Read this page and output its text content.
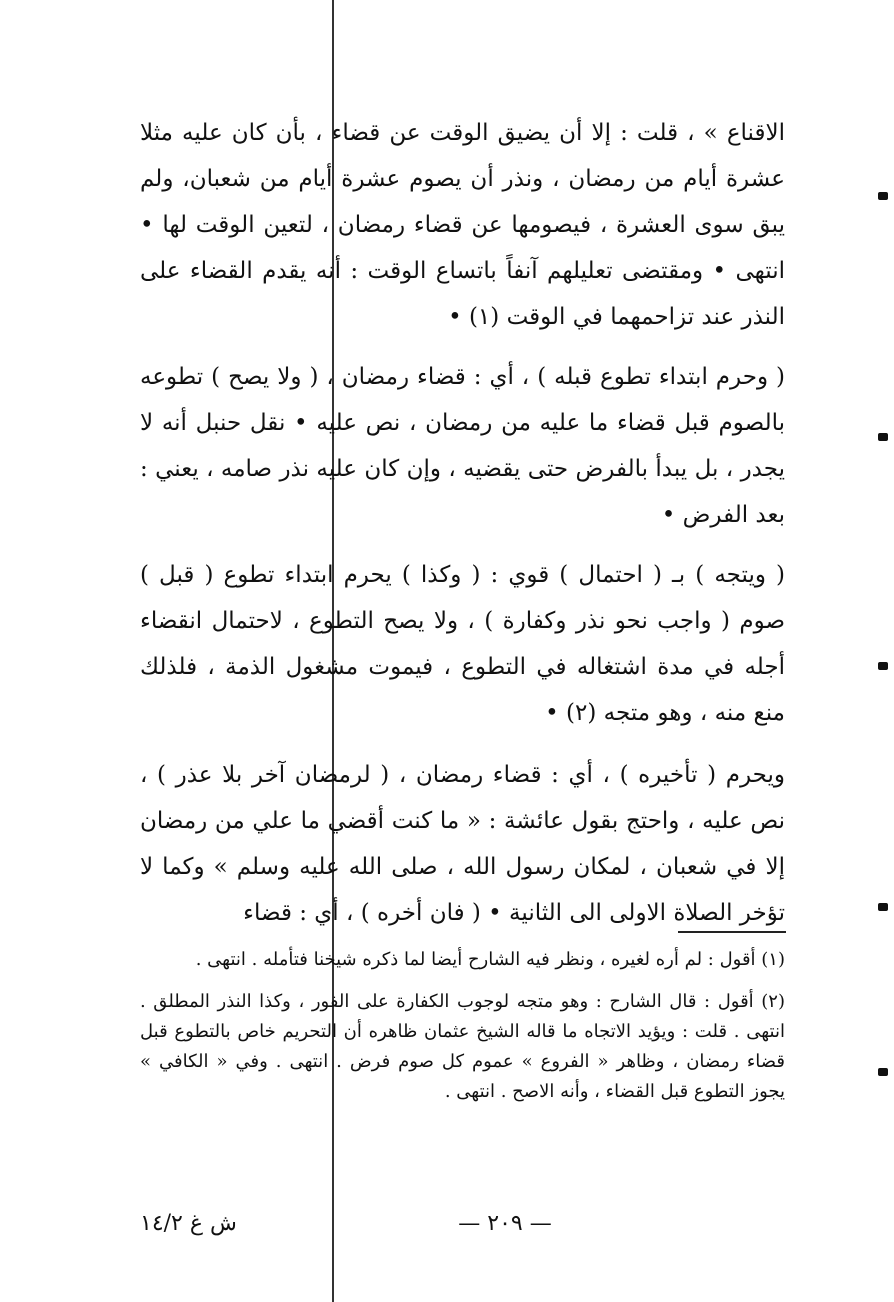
الاقناع » ، قلت : إلا أن يضيق الوقت عن قضاء ، بأن كان عليه مثلا عشرة أيام من رمضان ، ونذر أن يصوم عشرة أيام من شعبان، ولم يبق سوى العشرة ، فيصومها عن قضاء رمضان ، لتعين الوقت لها • انتهى • ومقتضى تعليلهم آنفاً باتساع الوقت : أنه يقدم القضاء على النذر عند تزاحمهما في الوقت (١) •

( وحرم ابتداء تطوع قبله ) ، أي : قضاء رمضان ، ( ولا يصح ) تطوعه بالصوم قبل قضاء ما عليه من رمضان ، نص عليه • نقل حنبل أنه لا يجدر ، بل يبدأ بالفرض حتى يقضيه ، وإن كان عليه نذر صامه ، يعني : بعد الفرض •

( ويتجه ) بـ ( احتمال ) قوي : ( وكذا ) يحرم ابتداء تطوع ( قبل ) صوم ( واجب نحو نذر وكفارة ) ، ولا يصح التطوع ، لاحتمال انقضاء أجله في مدة اشتغاله في التطوع ، فيموت مشغول الذمة ، فلذلك منع منه ، وهو متجه (٢) •

ويحرم ( تأخيره ) ، أي : قضاء رمضان ، ( لرمضان آخر بلا عذر ) ، نص عليه ، واحتج بقول عائشة : « ما كنت أقضي ما علي من رمضان إلا في شعبان ، لمكان رسول الله ، صلى الله عليه وسلم » وكما لا تؤخر الصلاة الاولى الى الثانية • ( فان أخره ) ، أي : قضاء

(١) أقول : لم أره لغيره ، ونظر فيه الشارح أيضا لما ذكره شيخنا فتأمله . انتهى .

(٢) أقول : قال الشارح : وهو متجه لوجوب الكفارة على الفور ، وكذا النذر المطلق . انتهى . قلت : ويؤيد الاتجاه ما قاله الشيخ عثمان ظاهره أن التحريم خاص بالتطوع قبل قضاء رمضان ، وظاهر « الفروع » عموم كل صوم فرض . انتهى . وفي « الكافي » يجوز التطوع قبل القضاء ، وأنه الاصح . انتهى .

— ٢٠٩ —
ش غ ١٤/٢
